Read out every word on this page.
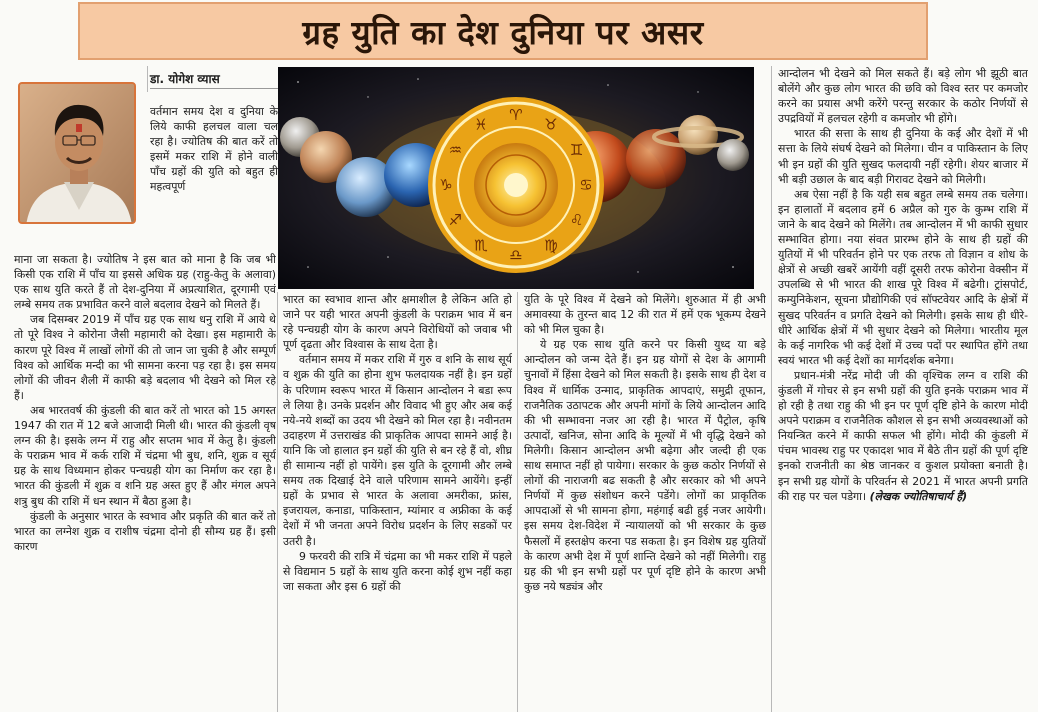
ग्रह युति का देश दुनिया पर असर
डा. योगेश व्यास
♈
♉
♊
♋
♌
♍
♎
♏
♐
♑
♒
♓

वर्तमान समय देश व दुनिया के लिये काफी हलचल वाला चल रहा है। ज्योतिष की बात करें तो इसमें मकर राशि में होने वाली पाँच ग्रहों की युति को बहुत ही महत्वपूर्ण

माना जा सकता है। ज्योतिष ने इस बात को माना है कि जब भी किसी एक राशि में पाँच या इससे अधिक ग्रह (राहु-केतु के अलावा) एक साथ युति करते हैं तो देश-दुनिया में अप्रत्याशित, दूरगामी एवं लम्बे समय तक प्रभावित करने वाले बदलाव देखने को मिलते हैं।

जब दिसम्बर 2019 में पाँच ग्रह एक साथ धनु राशि में आये थे तो पूरे विश्व ने कोरोना जैसी महामारी को देखा। इस महामारी के कारण पूरे विश्व में लाखों लोगों की तो जान जा चुकी है और सम्पूर्ण विश्व को आर्थिक मन्दी का भी सामना करना पड़ रहा है। इस समय लोगों की जीवन शैली में काफी बड़े बदलाव भी देखने को मिल रहे हैं।

अब भारतवर्ष की कुंडली की बात करें तो भारत को 15 अगस्त 1947 की रात में 12 बजे आजादी मिली थी। भारत की कुंडली वृष लग्न की है। इसके लग्न में राहु और सप्तम भाव में केतु है। कुंडली के पराक्रम भाव में कर्क राशि में चंद्रमा भी बुध, शनि, शुक्र व सूर्य ग्रह के साथ विध्यमान होकर पन्चग्रही योग का निर्माण कर रहा है। भारत की कुंडली में शुक्र व शनि ग्रह अस्त हुए हैं और मंगल अपने शत्रु बुध की राशि में धन स्थान में बैठा हुआ है।

कुंडली के अनुसार भारत के स्वभाव और प्रकृति की बात करें तो भारत का लग्नेश शुक्र व राशीष चंद्रमा दोनो ही सौम्य ग्रह हैं। इसी कारण

भारत का स्वभाव शान्त और क्षमाशील है लेकिन अति हो जाने पर यही भारत अपनी कुंडली के पराक्रम भाव में बन रहे पन्चग्रही योग के कारण अपने विरोधियों को जवाब भी पूर्ण दृढता और विश्वास के साथ देता है।

वर्तमान समय में मकर राशि में गुरु व शनि के साथ सूर्य व शुक्र की युति का होना शुभ फलदायक नहीं है। इन ग्रहों के परिणाम स्वरूप भारत में किसान आन्दोलन ने बडा रूप ले लिया है। उनके प्रदर्शन और विवाद भी हुए और अब कई नये-नये शब्दों का उदय भी देखने को मिल रहा है। नवीनतम उदाहरण में उत्तराखंड की प्राकृतिक आपदा सामने आई है। यानि कि जो हालात इन ग्रहों की युति से बन रहे हैं वो, शीघ्र ही सामान्य नहीं हो पायेंगे। इस युति के दूरगामी और लम्बे समय तक दिखाई देने वाले परिणाम सामने आयेंगे। इन्हीं ग्रहों के प्रभाव से भारत के अलावा अमरीका, फ्रांस, इजरायल, कनाडा, पाकिस्तान, म्यांमार व अफ्रीका के कई देशों में भी जनता अपने विरोध प्रदर्शन के लिए सडकों पर उतरी है।

9 फरवरी की रात्रि में चंद्रमा का भी मकर राशि में पहले से विद्यमान 5 ग्रहों के साथ युति करना कोई शुभ नहीं कहा जा सकता और इस 6 ग्रहों की

युति के पूरे विश्व में देखने को मिलेंगे। शुरुआत में ही अभी अमावस्या के तुरन्त बाद 12 की रात में हमें एक भूकम्प देखने को भी मिल चुका है।

ये ग्रह एक साथ युति करने पर किसी युध्द या बड़े आन्दोलन को जन्म देते हैं। इन ग्रह योगों से देश के आगामी चुनावों में हिंसा देखने को मिल सकती है। इसके साथ ही देश व विश्व में धार्मिक उन्माद, प्राकृतिक आपदाएं, समुद्री तूफान, राजनैतिक उठापटक और अपनी मांगों के लिये आन्दोलन आदि की भी सम्भावना नजर आ रही है। भारत में पैट्रोल, कृषि उत्पादों, खनिज, सोना आदि के मूल्यों में भी वृद्धि देखने को मिलेगी। किसान आन्दोलन अभी बढ़ेगा और जल्दी ही एक साथ समाप्त नहीं हो पायेगा। सरकार के कुछ कठोर निर्णयों से लोगों की नाराजगी बढ सकती है और सरकार को भी अपने निर्णयों में कुछ संशोधन करने पडेंगे। लोगों का प्राकृतिक आपदाओं से भी सामना होगा, महंगाई बढी हुई नजर आयेगी। इस समय देश-विदेश में न्यायालयों को भी सरकार के कुछ फैसलों में हस्तक्षेप करना पड सकता है। इन विशेष ग्रह युतियों के कारण अभी देश में पूर्ण शान्ति देखने को नहीं मिलेगी। राहु ग्रह की भी इन सभी ग्रहों पर पूर्ण दृष्टि होने के कारण अभी कुछ नये षड्यंत्र और

आन्दोलन भी देखने को मिल सकते हैं। बड़े लोग भी झूठी बात बोलेंगे और कुछ लोग भारत की छवि को विश्व स्तर पर कमजोर करने का प्रयास अभी करेंगे परन्तु सरकार के कठोर निर्णयों से उपद्रवियों में हलचल रहेगी व कमजोर भी होंगे।

भारत की सत्ता के साथ ही दुनिया के कई और देशों में भी सत्ता के लिये संघर्ष देखने को मिलेगा। चीन व पाकिस्तान के लिए भी इन ग्रहों की युति सुखद फलदायी नहीं रहेगी। शेयर बाजार में भी बड़ी उछाल के बाद बड़ी गिरावट देखने को मिलेगी।

अब ऐसा नहीं है कि यही सब बहुत लम्बे समय तक चलेगा। इन हालातों में बदलाव हमें 6 अप्रैल को गुरु के कुम्भ राशि में जाने के बाद देखने को मिलेंगे। तब आन्दोलन में भी काफी सुधार सम्भावित होगा। नया संवत प्रारम्भ होने के साथ ही ग्रहों की युतियों में भी परिवर्तन होने पर एक तरफ तो विज्ञान व शोध के क्षेत्रों से अच्छी खबरें आयेंगी वहीं दूसरी तरफ कोरोना वेक्सीन में उपलब्धि से भी भारत की शाख पूरे विश्व में बढेगी। ट्रांसपोर्ट, कम्युनिकेशन, सूचना प्रौद्योगिकी एवं सॉफ्टवेयर आदि के क्षेत्रों में सुखद परिवर्तन व प्रगति देखने को मिलेगी। इसके साथ ही धीरे-धीरे आर्थिक क्षेत्रों में भी सुधार देखने को मिलेगा। भारतीय मूल के कई नागरिक भी कई देशों में उच्च पदों पर स्थापित होंगे तथा स्वयं भारत भी कई देशों का मार्गदर्शक बनेगा।

प्रधान-मंत्री नरेंद्र मोदी जी की वृश्चिक लग्न व राशि की कुंडली में गोचर से इन सभी ग्रहों की युति इनके पराक्रम भाव में हो रही है तथा राहु की भी इन पर पूर्ण दृष्टि होने के कारण मोदी अपने पराक्रम व राजनैतिक कौशल से इन सभी अव्यवस्थाओं को नियन्त्रित करने में काफी सफल भी होंगे। मोदी की कुंडली में पंचम भावस्थ राहु पर एकादश भाव में बैठे तीन ग्रहों की पूर्ण दृष्टि इनको राजनीती का श्रेष्ठ जानकर व कुशल प्रयोक्ता बनाती है। इन सभी ग्रह योगों के परिवर्तन से 2021 में भारत अपनी प्रगति की राह पर चल पडेगा। (लेखक ज्योतिषाचार्य हैं)
